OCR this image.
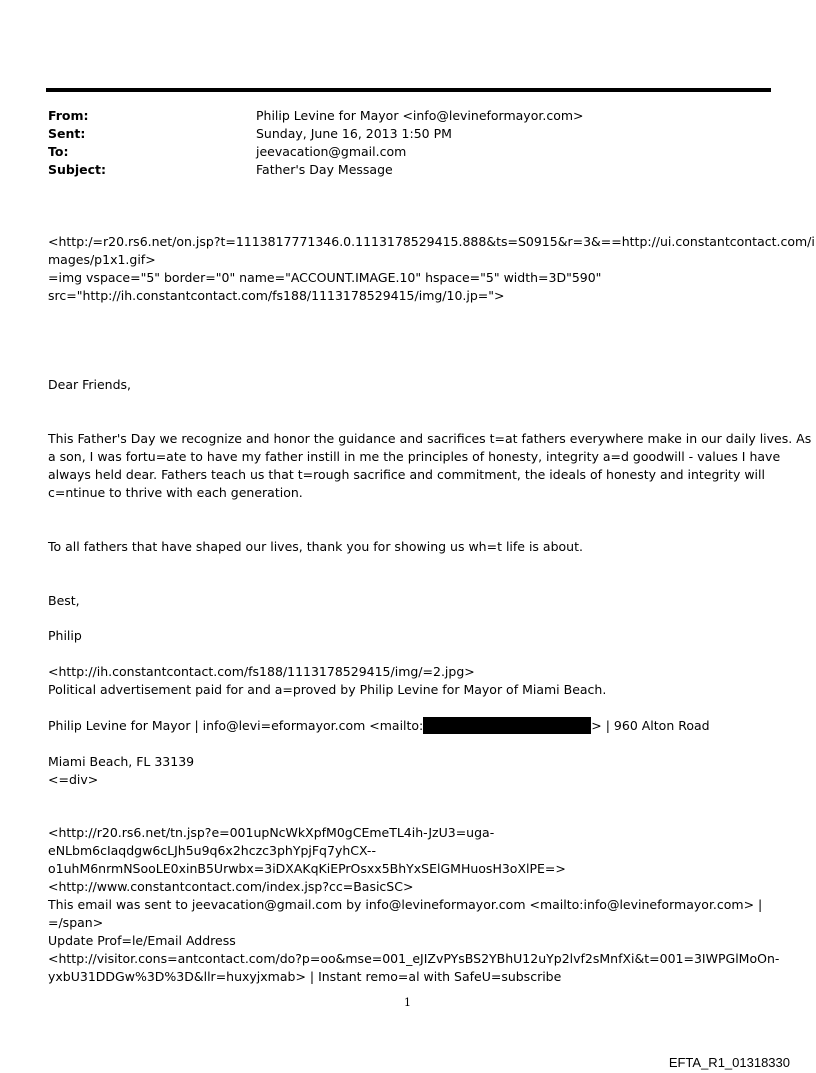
From:	Philip Levine for Mayor <info@levineformayor.com>
Sent:	Sunday, June 16, 2013 1:50 PM
To:	jeevacation@gmail.com
Subject:	Father's Day Message
<http:/=r20.rs6.net/on.jsp?t=1113817771346.0.1113178529415.888&ts=S0915&r=3&==http://ui.constantcontact.com/i
mages/p1x1.gif>
=img vspace="5" border="0" name="ACCOUNT.IMAGE.10" hspace="5" width=3D"590"
src="http://ih.constantcontact.com/fs188/1113178529415/img/10.jp=">
Dear Friends,
This Father's Day we recognize and honor the guidance and sacrifices t=at fathers everywhere make in our daily lives. As
a son, I was fortu=ate to have my father instill in me the principles of honesty, integrity a=d goodwill - values I have
always held dear. Fathers teach us that t=rough sacrifice and commitment, the ideals of honesty and integrity will
c=ntinue to thrive with each generation.
To all fathers that have shaped our lives, thank you for showing us wh=t life is about.
Best,
Philip
<http://ih.constantcontact.com/fs188/1113178529415/img/=2.jpg>
Political advertisement paid for and a=proved by Philip Levine for Mayor of Miami Beach.
Philip Levine for Mayor | info@levi=eformayor.com <mailto:	> | 960 Alton Road
Miami Beach, FL 33139
<=div>
<http://r20.rs6.net/tn.jsp?e=001upNcWkXpfM0gCEmeTL4ih-JzU3=uga-
eNLbm6cIaqdgw6cLJh5u9q6x2hczc3phYpjFq7yhCX--
o1uhM6nrmNSooLE0xinB5Urwbx=3iDXAKqKiEPrOsxx5BhYxSElGMHuosH3oXlPE=>
<http://www.constantcontact.com/index.jsp?cc=BasicSC>
This email was sent to jeevacation@gmail.com by info@levineformayor.com <mailto:info@levineformayor.com> |
=/span>
Update Prof=le/Email Address
<http://visitor.cons=antcontact.com/do?p=oo&mse=001_eJIZvPYsBS2YBhU12uYp2lvf2sMnfXi&t=001=3IWPGlMoOn-
yxbU31DDGw%3D%3D&llr=huxyjxmab> | Instant remo=al with SafeU=subscribe
1
EFTA_R1_01318330
